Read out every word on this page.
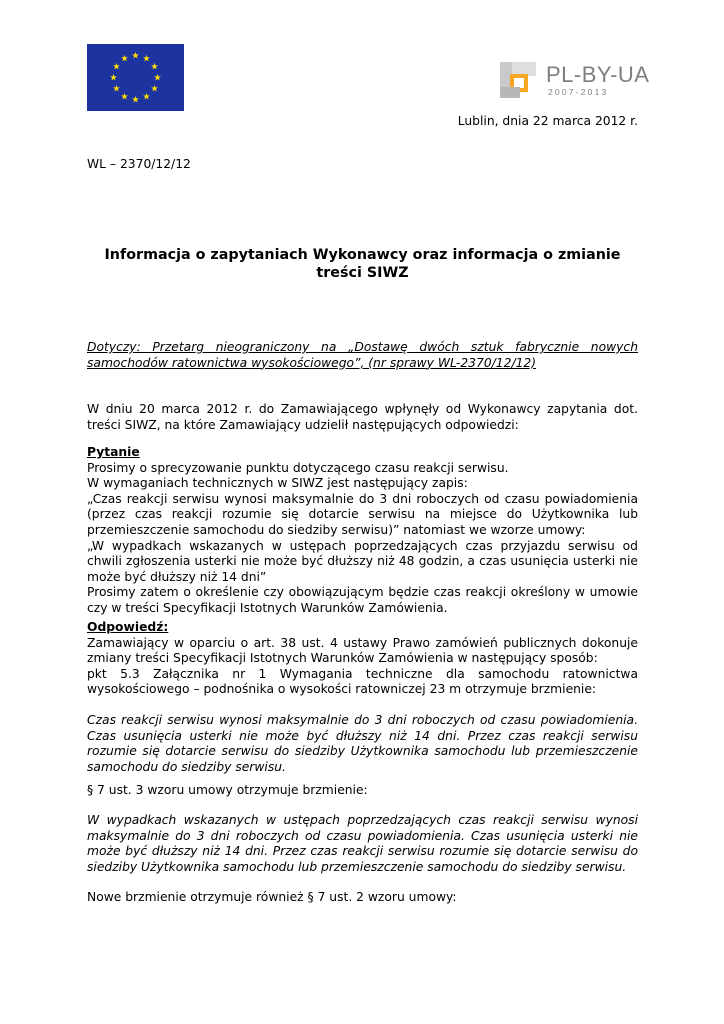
PL-BY-UA
2007-2013
Lublin, dnia 22 marca 2012 r.
WL – 2370/12/12
Informacja o zapytaniach Wykonawcy oraz informacja o zmianie treści SIWZ
Dotyczy: Przetarg nieograniczony na „Dostawę dwóch sztuk fabrycznie nowych samochodów ratownictwa wysokościowego”, (nr sprawy WL-2370/12/12)
W dniu 20 marca 2012 r. do Zamawiającego wpłynęły od Wykonawcy zapytania dot. treści SIWZ, na które Zamawiający udzielił następujących odpowiedzi:
Pytanie
Prosimy o sprecyzowanie punktu dotyczącego czasu reakcji serwisu.
W wymaganiach technicznych w SIWZ jest następujący zapis:
„Czas reakcji serwisu wynosi maksymalnie do 3 dni roboczych od czasu powiadomienia (przez czas reakcji rozumie się dotarcie serwisu na miejsce do Użytkownika lub przemieszczenie samochodu do siedziby serwisu)” natomiast we wzorze umowy:
„W wypadkach wskazanych w ustępach poprzedzających czas przyjazdu serwisu od chwili zgłoszenia usterki nie może być dłuższy niż 48 godzin, a czas usunięcia usterki nie może być dłuższy niż 14 dni”
Prosimy zatem o określenie czy obowiązującym będzie czas reakcji określony w umowie czy w treści Specyfikacji Istotnych Warunków Zamówienia.
Odpowiedź:
Zamawiający w oparciu o art. 38 ust. 4 ustawy Prawo zamówień publicznych dokonuje zmiany treści Specyfikacji Istotnych Warunków Zamówienia w następujący sposób:
pkt 5.3 Załącznika nr 1 Wymagania techniczne dla samochodu ratownictwa wysokościowego – podnośnika o wysokości ratowniczej 23 m otrzymuje brzmienie:
Czas reakcji serwisu wynosi maksymalnie do 3 dni roboczych od czasu powiadomienia. Czas usunięcia usterki nie może być dłuższy niż 14 dni. Przez czas reakcji serwisu rozumie się dotarcie serwisu do siedziby Użytkownika samochodu lub przemieszczenie samochodu do siedziby serwisu.
§ 7 ust. 3 wzoru umowy otrzymuje brzmienie:
W wypadkach wskazanych w ustępach poprzedzających czas reakcji serwisu wynosi maksymalnie do 3 dni roboczych od czasu powiadomienia. Czas usunięcia usterki nie może być dłuższy niż 14 dni. Przez czas reakcji serwisu rozumie się dotarcie serwisu do siedziby Użytkownika samochodu lub przemieszczenie samochodu do siedziby serwisu.
Nowe brzmienie otrzymuje również § 7 ust. 2 wzoru umowy:
